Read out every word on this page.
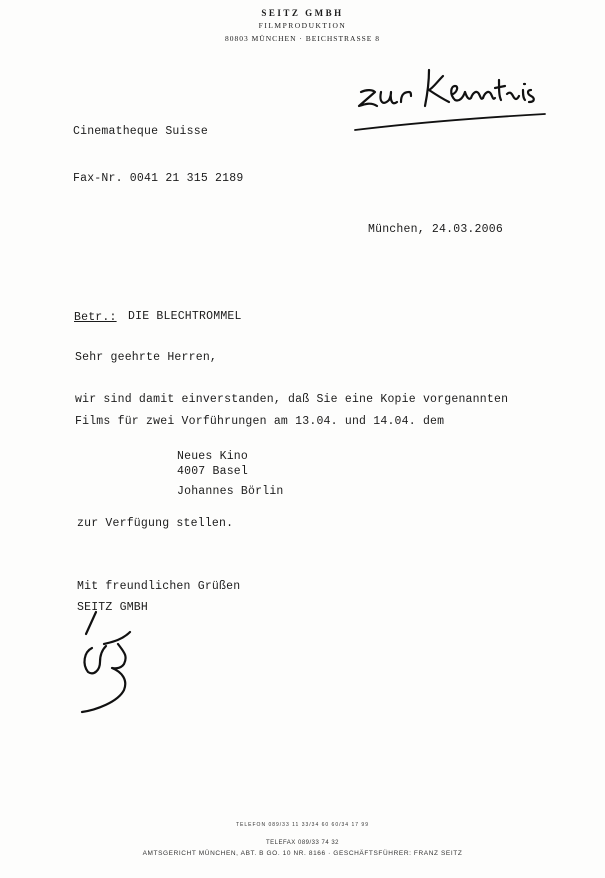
SEITZ GMBH
FILMPRODUKTION
80803 MÜNCHEN · BEICHSTRASSE 8
Cinematheque Suisse
Fax-Nr. 0041 21 315 2189
München, 24.03.2006
Betr.: DIE BLECHTROMMEL
Sehr geehrte Herren,
wir sind damit einverstanden, daß Sie eine Kopie vorgenannten
Films für zwei Vorführungen am 13.04. und 14.04. dem
Neues Kino
4007 Basel
Johannes Börlin
zur Verfügung stellen.
Mit freundlichen Grüßen
SEITZ GMBH
TELEFON 089/33 11 33/34 60 60/34 17 99
TELEFAX 089/33 74 32
AMTSGERICHT MÜNCHEN, ABT. B GO. 10 NR. 8166 · GESCHÄFTSFÜHRER: FRANZ SEITZ
